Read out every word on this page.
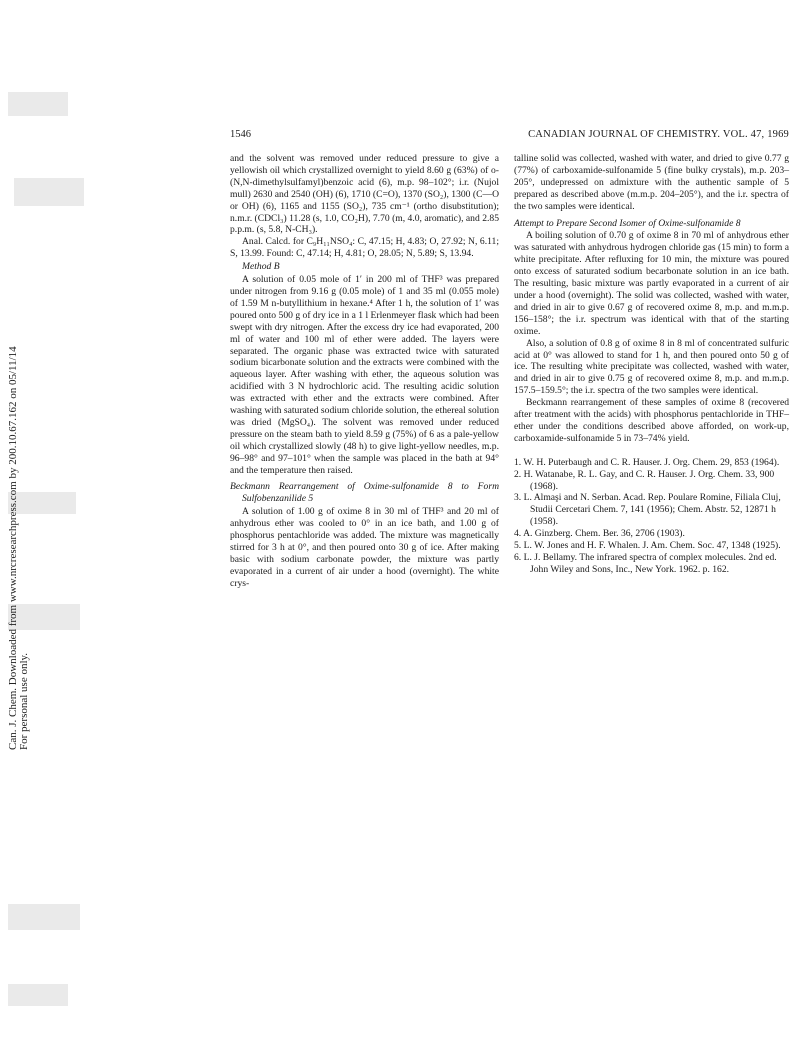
Can. J. Chem. Downloaded from www.nrcresearchpress.com by 200.10.67.162 on 05/11/14 For personal use only.
1546	CANADIAN JOURNAL OF CHEMISTRY. VOL. 47, 1969

and the solvent was removed under reduced pressure to give a yellowish oil which crystallized overnight to yield 8.60 g (63%) of o-(N,N-dimethylsulfamyl)benzoic acid (6), m.p. 98–102°; i.r. (Nujol mull) 2630 and 2540 (OH) (6), 1710 (C=O), 1370 (SO₂), 1300 (C—O or OH) (6), 1165 and 1155 (SO₂), 735 cm⁻¹ (ortho disubstitution); n.m.r. (CDCl₃) 11.28 (s, 1.0, CO₂H), 7.70 (m, 4.0, aromatic), and 2.85 p.p.m. (s, 5.8, N-CH₃).

Anal. Calcd. for C₉H₁₁NSO₄: C, 47.15; H, 4.83; O, 27.92; N, 6.11; S, 13.99. Found: C, 47.14; H, 4.81; O, 28.05; N, 5.89; S, 13.94.

Method B

A solution of 0.05 mole of 1′ in 200 ml of THF³ was prepared under nitrogen from 9.16 g (0.05 mole) of 1 and 35 ml (0.055 mole) of 1.59 M n-butyllithium in hexane.⁴ After 1 h, the solution of 1′ was poured onto 500 g of dry ice in a 1 l Erlenmeyer flask which had been swept with dry nitrogen. After the excess dry ice had evaporated, 200 ml of water and 100 ml of ether were added. The layers were separated. The organic phase was extracted twice with saturated sodium bicarbonate solution and the extracts were combined with the aqueous layer. After washing with ether, the aqueous solution was acidified with 3 N hydrochloric acid. The resulting acidic solution was extracted with ether and the extracts were combined. After washing with saturated sodium chloride solution, the ethereal solution was dried (MgSO₄). The solvent was removed under reduced pressure on the steam bath to yield 8.59 g (75%) of 6 as a pale-yellow oil which crystallized slowly (48 h) to give light-yellow needles, m.p. 96–98° and 97–101° when the sample was placed in the bath at 94° and the temperature then raised.

Beckmann Rearrangement of Oxime-sulfonamide 8 to Form Sulfobenzanilide 5

A solution of 1.00 g of oxime 8 in 30 ml of THF³ and 20 ml of anhydrous ether was cooled to 0° in an ice bath, and 1.00 g of phosphorus pentachloride was added. The mixture was magnetically stirred for 3 h at 0°, and then poured onto 30 g of ice. After making basic with sodium carbonate powder, the mixture was partly evaporated in a current of air under a hood (overnight). The white crys-

talline solid was collected, washed with water, and dried to give 0.77 g (77%) of carboxamide-sulfonamide 5 (fine bulky crystals), m.p. 203–205°, undepressed on admixture with the authentic sample of 5 prepared as described above (m.m.p. 204–205°), and the i.r. spectra of the two samples were identical.

Attempt to Prepare Second Isomer of Oxime-sulfonamide 8

A boiling solution of 0.70 g of oxime 8 in 70 ml of anhydrous ether was saturated with anhydrous hydrogen chloride gas (15 min) to form a white precipitate. After refluxing for 10 min, the mixture was poured onto excess of saturated sodium becarbonate solution in an ice bath. The resulting, basic mixture was partly evaporated in a current of air under a hood (overnight). The solid was collected, washed with water, and dried in air to give 0.67 g of recovered oxime 8, m.p. and m.m.p. 156–158°; the i.r. spectrum was identical with that of the starting oxime.

Also, a solution of 0.8 g of oxime 8 in 8 ml of concentrated sulfuric acid at 0° was allowed to stand for 1 h, and then poured onto 50 g of ice. The resulting white precipitate was collected, washed with water, and dried in air to give 0.75 g of recovered oxime 8, m.p. and m.m.p. 157.5–159.5°; the i.r. spectra of the two samples were identical.

Beckmann rearrangement of these samples of oxime 8 (recovered after treatment with the acids) with phosphorus pentachloride in THF–ether under the conditions described above afforded, on work-up, carboxamide-sulfonamide 5 in 73–74% yield.

1. W. H. Puterbaugh and C. R. Hauser. J. Org. Chem. 29, 853 (1964).
2. H. Watanabe, R. L. Gay, and C. R. Hauser. J. Org. Chem. 33, 900 (1968).
3. L. Almaşi and N. Serban. Acad. Rep. Poulare Romine, Filiala Cluj, Studii Cercetari Chem. 7, 141 (1956); Chem. Abstr. 52, 12871 h (1958).
4. A. Ginzberg. Chem. Ber. 36, 2706 (1903).
5. L. W. Jones and H. F. Whalen. J. Am. Chem. Soc. 47, 1348 (1925).
6. L. J. Bellamy. The infrared spectra of complex molecules. 2nd ed. John Wiley and Sons, Inc., New York. 1962. p. 162.
